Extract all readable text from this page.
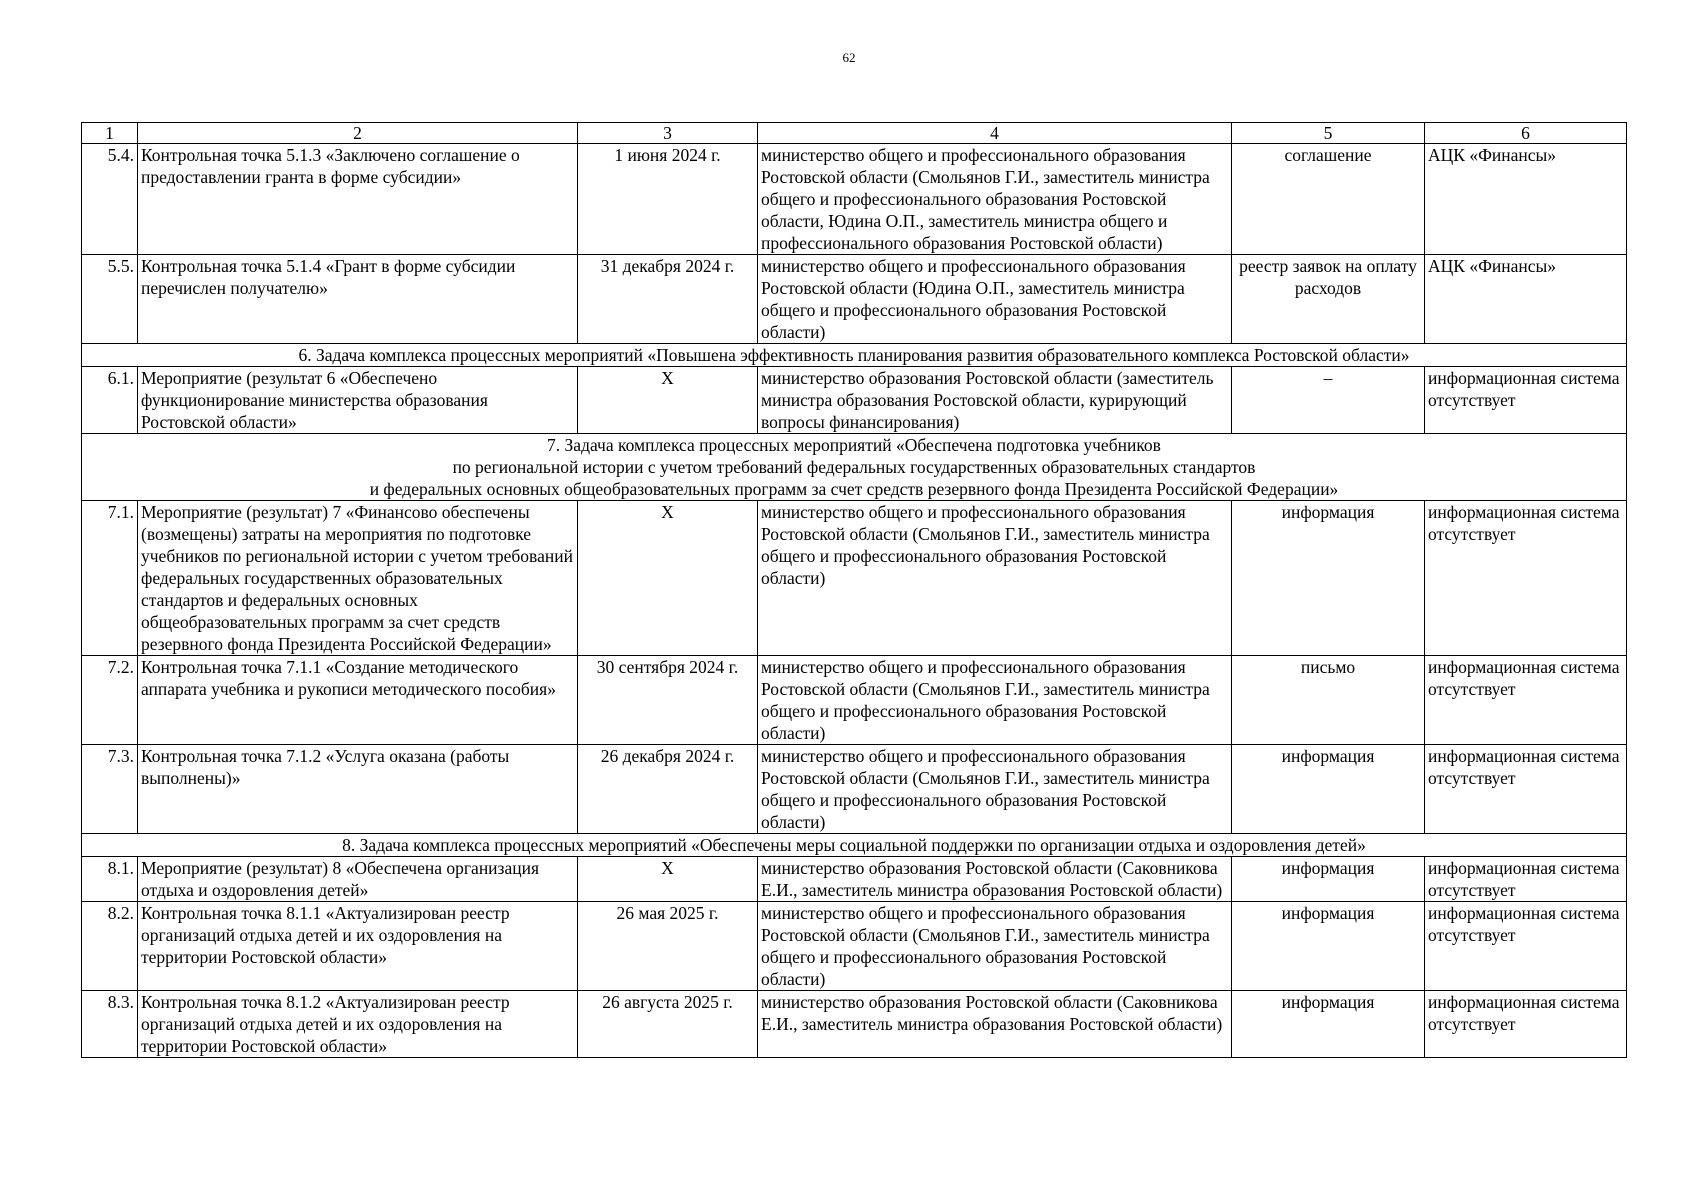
62
1	2	3	4	5	6
5.4.	Контрольная точка 5.1.3 «Заключено соглашение о предоставлении гранта в форме субсидии»	1 июня 2024 г.	министерство общего и профессионального образования Ростовской области (Смольянов Г.И., заместитель министра общего и профессионального образования Ростовской области, Юдина О.П., заместитель министра общего и профессионального образования Ростовской области)	соглашение	АЦК «Финансы»
5.5.	Контрольная точка 5.1.4 «Грант в форме субсидии перечислен получателю»	31 декабря 2024 г.	министерство общего и профессионального образования Ростовской области (Юдина О.П., заместитель министра общего и профессионального образования Ростовской области)	реестр заявок на оплату расходов	АЦК «Финансы»
6. Задача комплекса процессных мероприятий «Повышена эффективность планирования развития образовательного комплекса Ростовской области»					
6.1.	Мероприятие (результат 6 «Обеспечено функционирование министерства образования Ростовской области»	Х	министерство образования Ростовской области (заместитель министра образования Ростовской области, курирующий вопросы финансирования)	–	информационная система отсутствует
7. Задача комплекса процессных мероприятий «Обеспечена подготовка учебников
по региональной истории с учетом требований федеральных государственных образовательных стандартов
и федеральных основных общеобразовательных программ за счет средств резервного фонда Президента Российской Федерации»					
7.1.	Мероприятие (результат) 7 «Финансово обеспечены (возмещены) затраты на мероприятия по подготовке учебников по региональной истории с учетом требований федеральных государственных образовательных стандартов и федеральных основных общеобразовательных программ за счет средств резервного фонда Президента Российской Федерации»	Х	министерство общего и профессионального образования Ростовской области (Смольянов Г.И., заместитель министра общего и профессионального образования Ростовской области)	информация	информационная система отсутствует
7.2.	Контрольная точка 7.1.1 «Создание методического аппарата учебника и рукописи методического пособия»	30 сентября 2024 г.	министерство общего и профессионального образования Ростовской области (Смольянов Г.И., заместитель министра общего и профессионального образования Ростовской области)	письмо	информационная система отсутствует
7.3.	Контрольная точка 7.1.2 «Услуга оказана (работы выполнены)»	26 декабря 2024 г.	министерство общего и профессионального образования Ростовской области (Смольянов Г.И., заместитель министра общего и профессионального образования Ростовской области)	информация	информационная система отсутствует
8. Задача комплекса процессных мероприятий «Обеспечены меры социальной поддержки по организации отдыха и оздоровления детей»					
8.1.	Мероприятие (результат) 8 «Обеспечена организация отдыха и оздоровления детей»	Х	министерство образования Ростовской области (Саковникова Е.И., заместитель министра образования Ростовской области)	информация	информационная система отсутствует
8.2.	Контрольная точка 8.1.1 «Актуализирован реестр организаций отдыха детей и их оздоровления на территории Ростовской области»	26 мая 2025 г.	министерство общего и профессионального образования Ростовской области (Смольянов Г.И., заместитель министра общего и профессионального образования Ростовской области)	информация	информационная система отсутствует
8.3.	Контрольная точка 8.1.2 «Актуализирован реестр организаций отдыха детей и их оздоровления на территории Ростовской области»	26 августа 2025 г.	министерство образования Ростовской области (Саковникова Е.И., заместитель министра образования Ростовской области)	информация	информационная система отсутствует
